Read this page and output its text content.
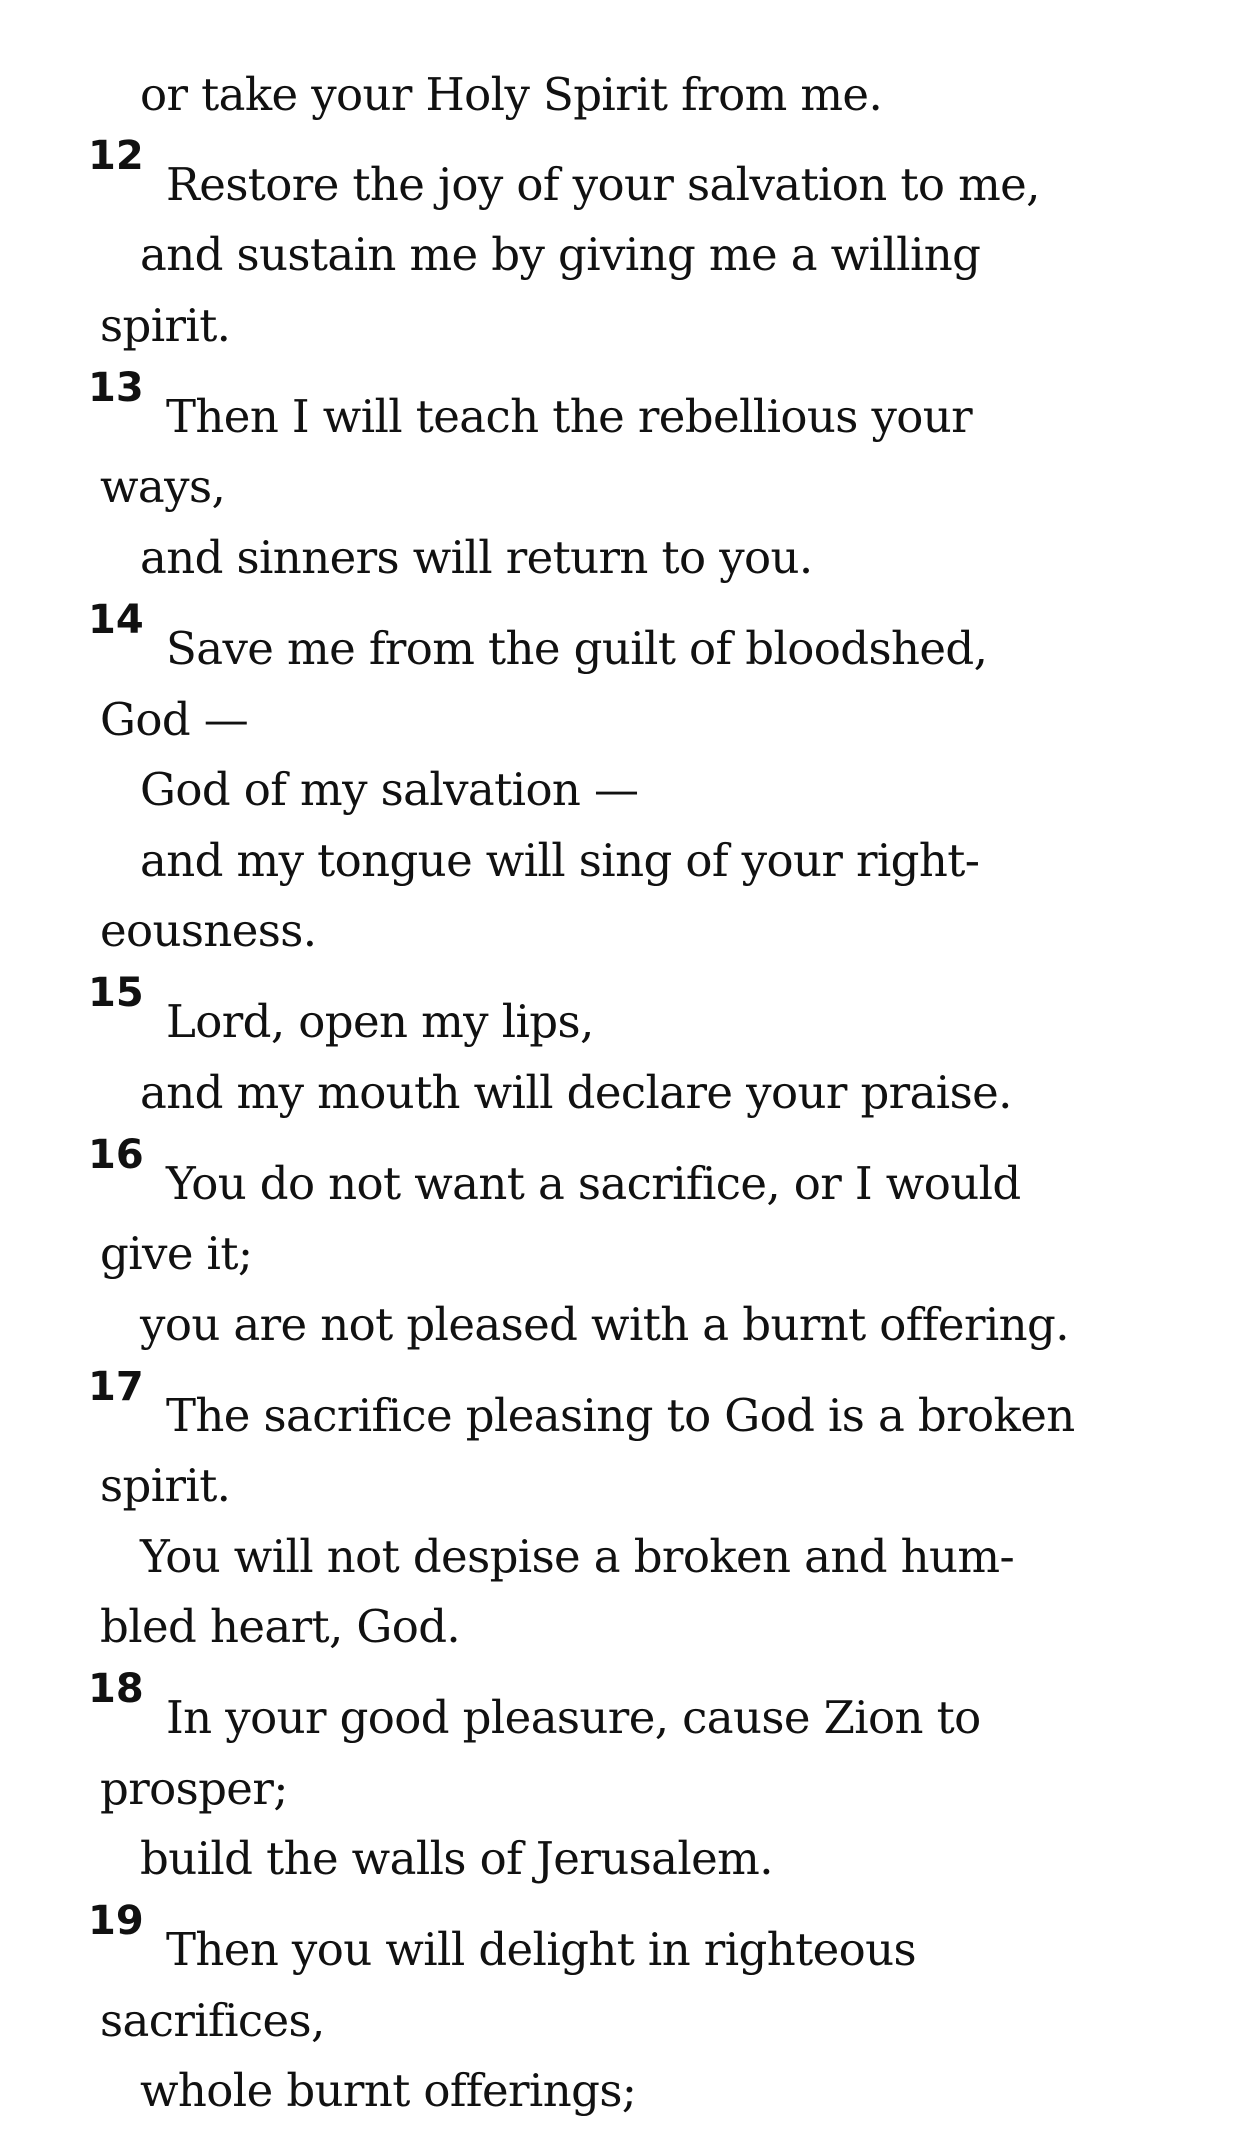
or take your Holy Spirit from me.
12
Restore the joy of your salvation to me,
and sustain me by giving me a willing
spirit.
13
Then I will teach the rebellious your
ways,
and sinners will return to you.
14
Save me from the guilt of bloodshed,
God —
God of my salvation —
and my tongue will sing of your right-
eousness.
15
Lord, open my lips,
and my mouth will declare your praise.
16
You do not want a sacrifice, or I would
give it;
you are not pleased with a burnt offering.
17
The sacrifice pleasing to God is a broken
spirit.
You will not despise a broken and hum-
bled heart, God.
18
In your good pleasure, cause Zion to
prosper;
build the walls of Jerusalem.
19
Then you will delight in righteous
sacrifices,
whole burnt offerings;
